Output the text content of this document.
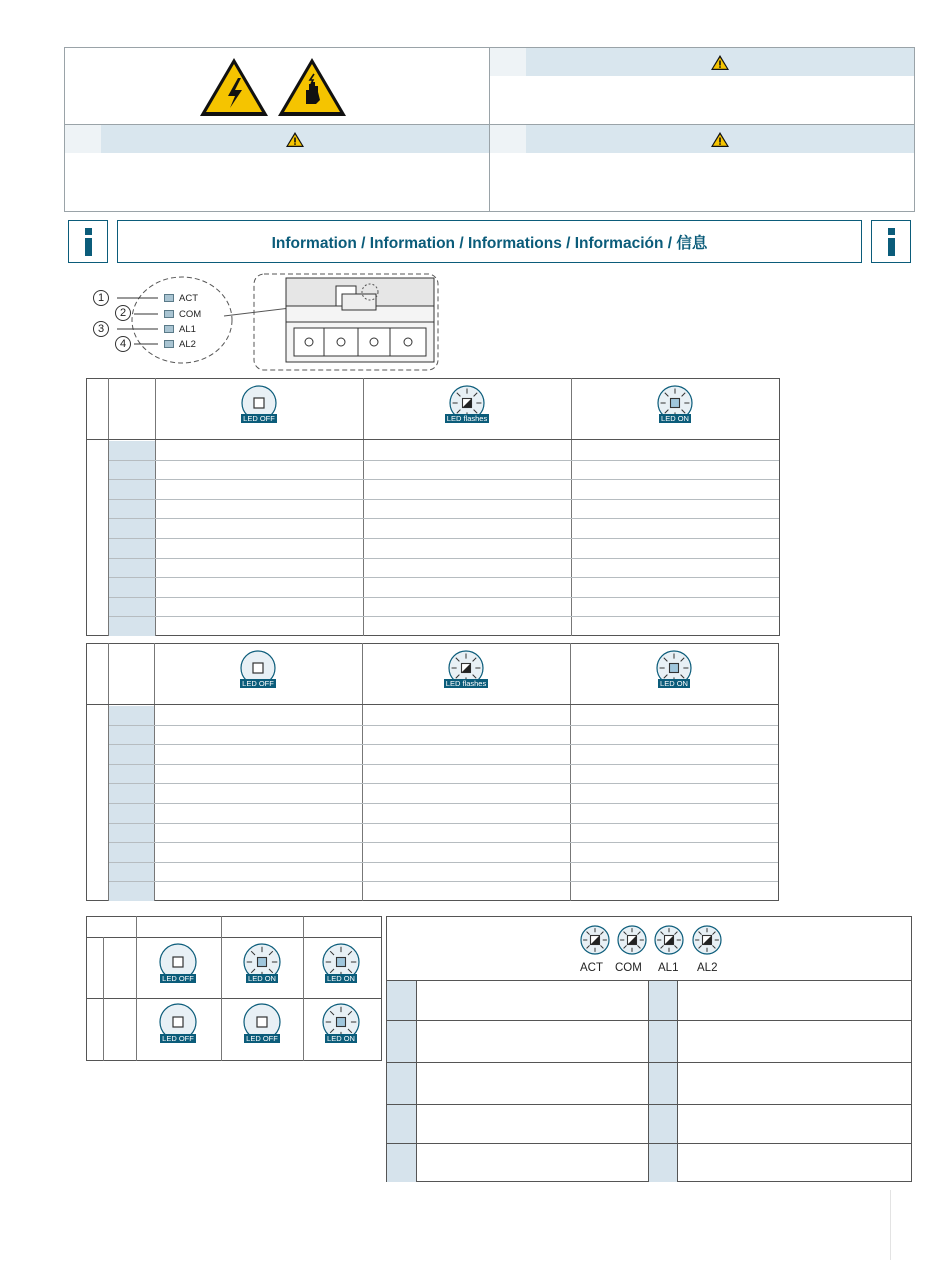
Information / Information / Informations / Información / 信息
1
2
3
4
ACT
COM
AL1
AL2
ACT COM AL1 AL2
LED OFF	LED flashes	LED ON
LED OFF	LED flashes	LED ON
LED OFF	LED ON	LED ON
LED OFF	LED OFF	LED ON
